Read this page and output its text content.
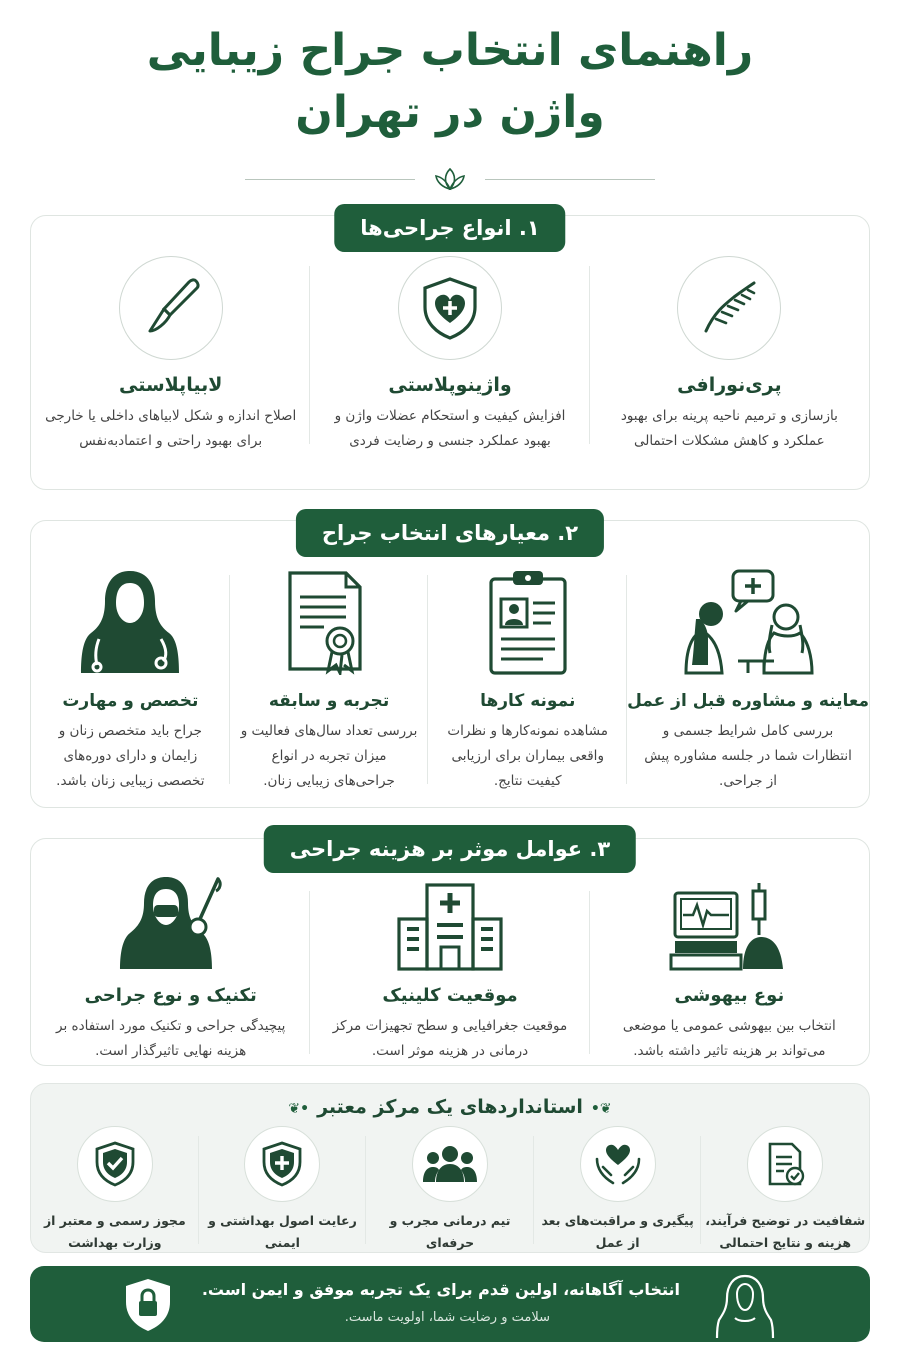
راهنمای انتخاب جراح زیبایی
واژن در تهران
۱. انواع جراحی‌ها
پری‌نورافی
بازسازی و ترمیم ناحیه پرینه برای بهبود عملکرد و کاهش مشکلات احتمالی
واژینوپلاستی
افزایش کیفیت و استحکام عضلات واژن و بهبود عملکرد جنسی و رضایت فردی
لابیاپلاستی
اصلاح اندازه و شکل لابیاهای داخلی یا خارجی برای بهبود راحتی و اعتمادبه‌نفس
۲. معیارهای انتخاب جراح
معاینه و مشاوره قبل از عمل
بررسی کامل شرایط جسمی و انتظارات شما در جلسه مشاوره پیش از جراحی.
نمونه کارها
مشاهده نمونه‌کارها و نظرات واقعی بیماران برای ارزیابی کیفیت نتایج.
تجربه و سابقه
بررسی تعداد سال‌های فعالیت و میزان تجربه در انواع جراحی‌های زیبایی زنان.
تخصص و مهارت
جراح باید متخصص زنان و زایمان و دارای دوره‌های تخصصی زیبایی زنان باشد.
۳. عوامل موثر بر هزینه جراحی
نوع بیهوشی
انتخاب بین بیهوشی عمومی یا موضعی می‌تواند بر هزینه تاثیر داشته باشد.
موقعیت کلینیک
موقعیت جغرافیایی و سطح تجهیزات مرکز درمانی در هزینه موثر است.
تکنیک و نوع جراحی
پیچیدگی جراحی و تکنیک مورد استفاده بر هزینه نهایی تاثیرگذار است.
❦•استانداردهای یک مرکز معتبر•❦
شفافیت در توضیح فرآیند، هزینه و نتایج احتمالی
پیگیری و مراقبت‌های بعد از عمل
تیم درمانی مجرب و حرفه‌ای
رعایت اصول بهداشتی و ایمنی
مجوز رسمی و معتبر از وزارت بهداشت
انتخاب آگاهانه، اولین قدم برای یک تجربه موفق و ایمن است.
سلامت و رضایت شما، اولویت ماست.
